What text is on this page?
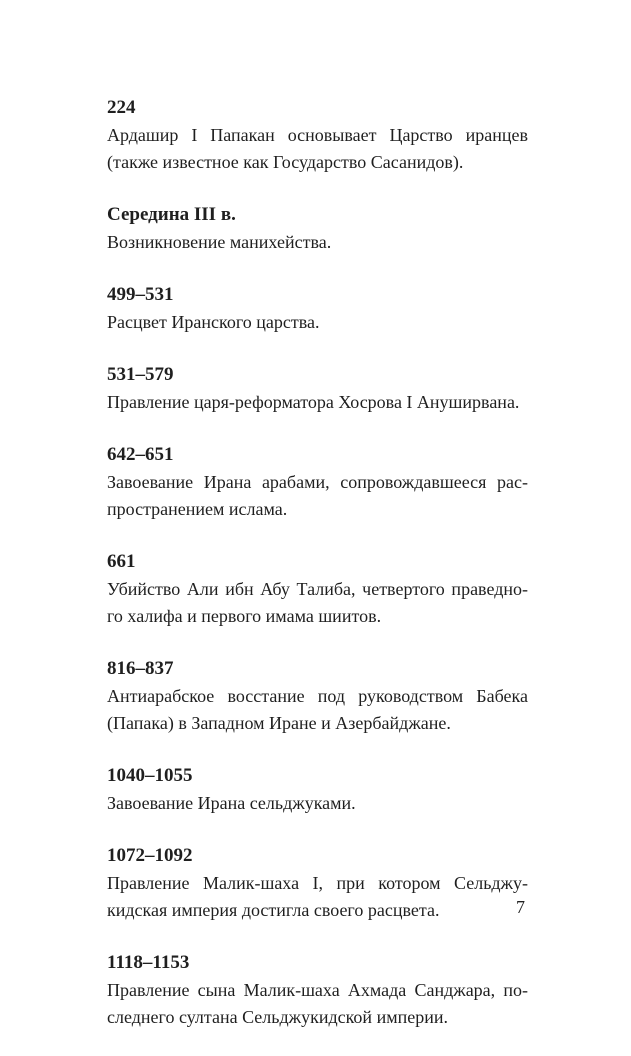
224
Ардашир I Папакан основывает Царство иранцев
(также известное как Государство Сасанидов).
Середина III в.
Возникновение манихейства.
499–531
Расцвет Иранского царства.
531–579
Правление царя-реформатора Хосрова I Ануширвана.
642–651
Завоевание Ирана арабами, сопровождавшееся рас-
пространением ислама.
661
Убийство Али ибн Абу Талиба, четвертого праведно-
го халифа и первого имама шиитов.
816–837
Антиарабское восстание под руководством Бабека
(Папака) в Западном Иране и Азербайджане.
1040–1055
Завоевание Ирана сельджуками.
1072–1092
Правление Малик-шаха I, при котором Сельджу-
кидская империя достигла своего расцвета.
1118–1153
Правление сына Малик-шаха Ахмада Санджара, по-
следнего султана Сельджукидской империи.
7
